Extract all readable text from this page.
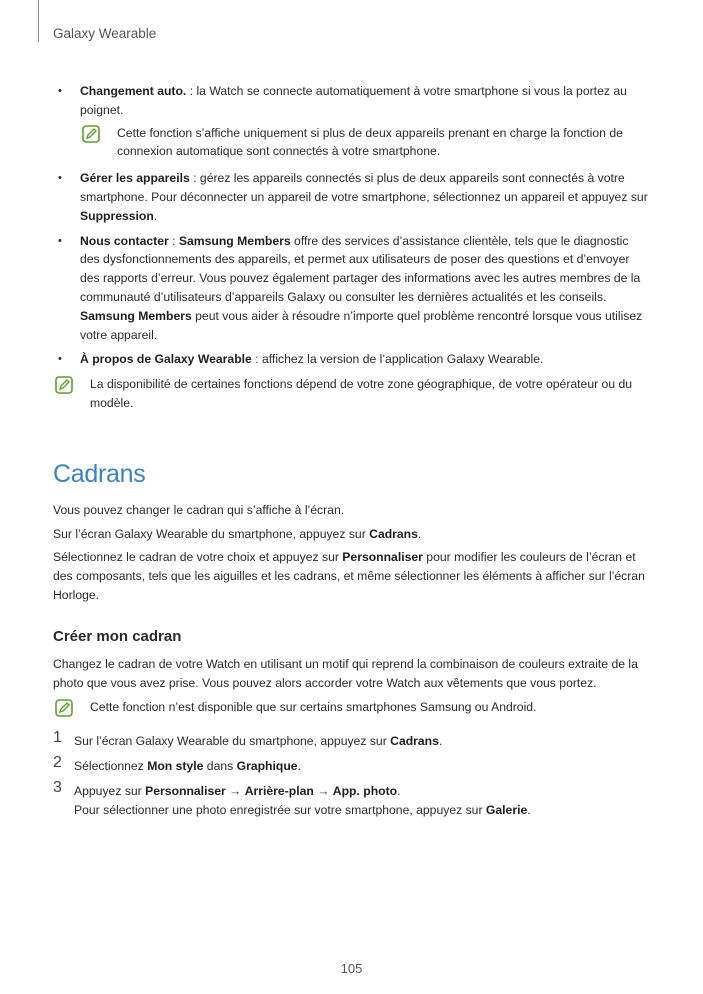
Galaxy Wearable
• Changement auto. : la Watch se connecte automatiquement à votre smartphone si vous la portez au poignet.
Cette fonction s’affiche uniquement si plus de deux appareils prenant en charge la fonction de connexion automatique sont connectés à votre smartphone.
• Gérer les appareils : gérez les appareils connectés si plus de deux appareils sont connectés à votre smartphone. Pour déconnecter un appareil de votre smartphone, sélectionnez un appareil et appuyez sur Suppression.
• Nous contacter : Samsung Members offre des services d’assistance clientèle, tels que le diagnostic des dysfonctionnements des appareils, et permet aux utilisateurs de poser des questions et d’envoyer des rapports d’erreur. Vous pouvez également partager des informations avec les autres membres de la communauté d’utilisateurs d’appareils Galaxy ou consulter les dernières actualités et les conseils. Samsung Members peut vous aider à résoudre n’importe quel problème rencontré lorsque vous utilisez votre appareil.
• À propos de Galaxy Wearable : affichez la version de l’application Galaxy Wearable.
La disponibilité de certaines fonctions dépend de votre zone géographique, de votre opérateur ou du modèle.
Cadrans

Vous pouvez changer le cadran qui s’affiche à l’écran.

Sur l’écran Galaxy Wearable du smartphone, appuyez sur Cadrans.

Sélectionnez le cadran de votre choix et appuyez sur Personnaliser pour modifier les couleurs de l’écran et des composants, tels que les aiguilles et les cadrans, et même sélectionner les éléments à afficher sur l’écran Horloge.

Créer mon cadran

Changez le cadran de votre Watch en utilisant un motif qui reprend la combinaison de couleurs extraite de la photo que vous avez prise. Vous pouvez alors accorder votre Watch aux vêtements que vous portez.

Cette fonction n’est disponible que sur certains smartphones Samsung ou Android.
1 Sur l’écran Galaxy Wearable du smartphone, appuyez sur Cadrans.
2 Sélectionnez Mon style dans Graphique.
3 Appuyez sur Personnaliser → Arrière-plan → App. photo.
Pour sélectionner une photo enregistrée sur votre smartphone, appuyez sur Galerie.
105
